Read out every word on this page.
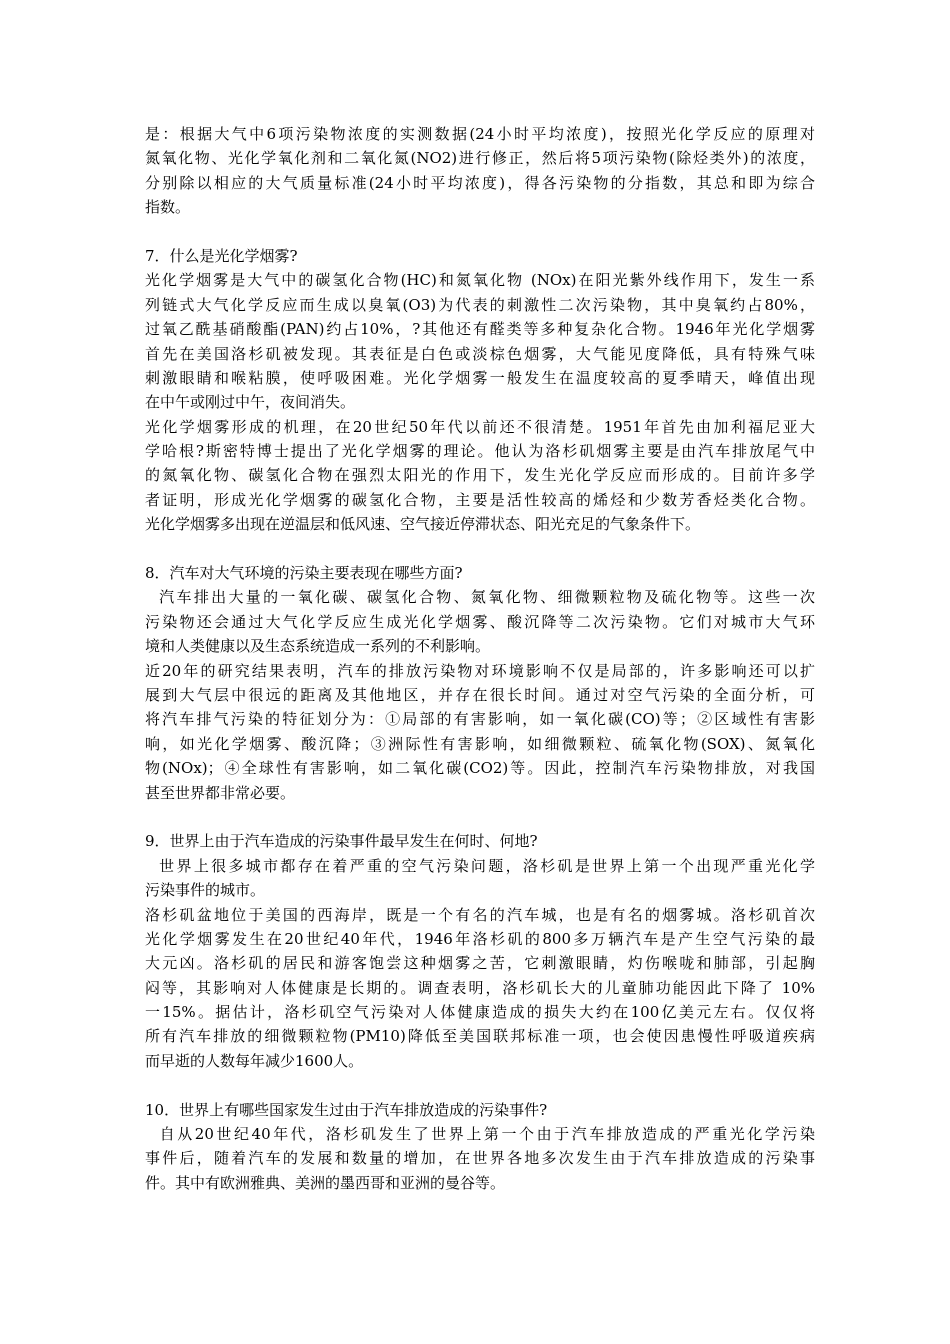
是：根据大气中6项污染物浓度的实测数据(24小时平均浓度)，按照光化学反应的原理对
氮氧化物、光化学氧化剂和二氧化氮(NO2)进行修正，然后将5项污染物(除烃类外)的浓度，
分别除以相应的大气质量标准(24小时平均浓度)，得各污染物的分指数，其总和即为综合
指数。
7．什么是光化学烟雾?
光化学烟雾是大气中的碳氢化合物(HC)和氮氧化物 (NOx)在阳光紫外线作用下，发生一系
列链式大气化学反应而生成以臭氧(O3)为代表的刺激性二次污染物，其中臭氧约占80%，
过氧乙酰基硝酸酯(PAN)约占10%，?其他还有醛类等多种复杂化合物。1946年光化学烟雾
首先在美国洛杉矶被发现。其表征是白色或淡棕色烟雾，大气能见度降低，具有特殊气味
刺激眼睛和喉粘膜，使呼吸困难。光化学烟雾一般发生在温度较高的夏季晴天，峰值出现
在中午或刚过中午，夜间消失。
光化学烟雾形成的机理，在20世纪50年代以前还不很清楚。1951年首先由加利福尼亚大
学哈根?斯密特博士提出了光化学烟雾的理论。他认为洛杉矶烟雾主要是由汽车排放尾气中
的氮氧化物、碳氢化合物在强烈太阳光的作用下，发生光化学反应而形成的。目前许多学
者证明，形成光化学烟雾的碳氢化合物，主要是活性较高的烯烃和少数芳香烃类化合物。
光化学烟雾多出现在逆温层和低风速、空气接近停滞状态、阳光充足的气象条件下。
8．汽车对大气环境的污染主要表现在哪些方面?
汽车排出大量的一氧化碳、碳氢化合物、氮氧化物、细微颗粒物及硫化物等。这些一次
污染物还会通过大气化学反应生成光化学烟雾、酸沉降等二次污染物。它们对城市大气环
境和人类健康以及生态系统造成一系列的不利影响。
近20年的研究结果表明，汽车的排放污染物对环境影响不仅是局部的，许多影响还可以扩
展到大气层中很远的距离及其他地区，并存在很长时间。通过对空气污染的全面分析，可
将汽车排气污染的特征划分为：①局部的有害影响，如一氧化碳(CO)等；②区域性有害影
响，如光化学烟雾、酸沉降；③洲际性有害影响，如细微颗粒、硫氧化物(SOX)、氮氧化
物(NOx)；④全球性有害影响，如二氧化碳(CO2)等。因此，控制汽车污染物排放，对我国
甚至世界都非常必要。
9．世界上由于汽车造成的污染事件最早发生在何时、何地?
世界上很多城市都存在着严重的空气污染问题，洛杉矶是世界上第一个出现严重光化学
污染事件的城市。
洛杉矶盆地位于美国的西海岸，既是一个有名的汽车城，也是有名的烟雾城。洛杉矶首次
光化学烟雾发生在20世纪40年代，1946年洛杉矶的800多万辆汽车是产生空气污染的最
大元凶。洛杉矶的居民和游客饱尝这种烟雾之苦，它刺激眼睛，灼伤喉咙和肺部，引起胸
闷等，其影响对人体健康是长期的。调查表明，洛杉矶长大的儿童肺功能因此下降了 10%
一15%。据估计，洛杉矶空气污染对人体健康造成的损失大约在100亿美元左右。仅仅将
所有汽车排放的细微颗粒物(PM10)降低至美国联邦标准一项，也会使因患慢性呼吸道疾病
而早逝的人数每年减少1600人。
10．世界上有哪些国家发生过由于汽车排放造成的污染事件?
自从20世纪40年代，洛杉矶发生了世界上第一个由于汽车排放造成的严重光化学污染
事件后，随着汽车的发展和数量的增加，在世界各地多次发生由于汽车排放造成的污染事
件。其中有欧洲雅典、美洲的墨西哥和亚洲的曼谷等。
